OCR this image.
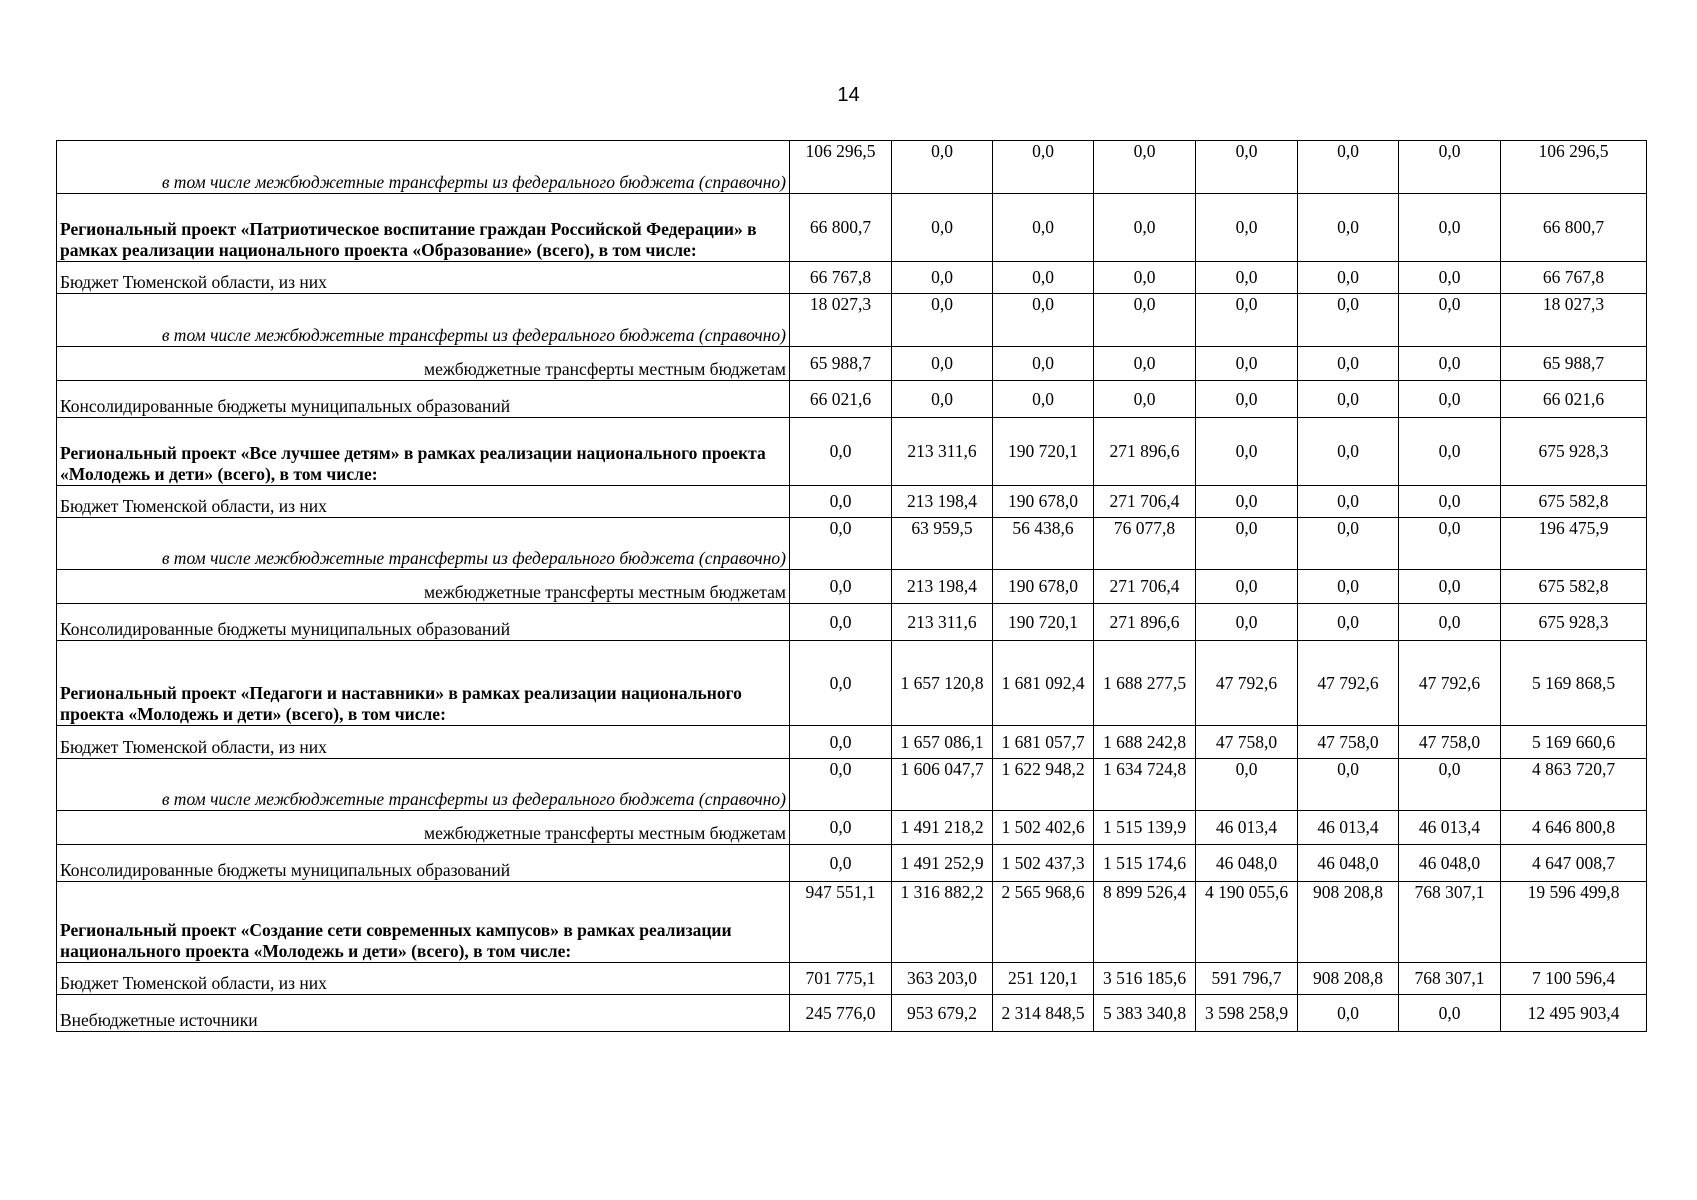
14
в том числе межбюджетные трансферты из федерального бюджета (справочно)	106 296,5	0,0	0,0	0,0	0,0	0,0	0,0	106 296,5
Региональный проект «Патриотическое воспитание граждан Российской Федерации» в рамках реализации национального проекта «Образование» (всего), в том числе:	66 800,7	0,0	0,0	0,0	0,0	0,0	0,0	66 800,7
Бюджет Тюменской области, из них	66 767,8	0,0	0,0	0,0	0,0	0,0	0,0	66 767,8
в том числе межбюджетные трансферты из федерального бюджета (справочно)	18 027,3	0,0	0,0	0,0	0,0	0,0	0,0	18 027,3
межбюджетные трансферты местным бюджетам	65 988,7	0,0	0,0	0,0	0,0	0,0	0,0	65 988,7
Консолидированные бюджеты муниципальных образований	66 021,6	0,0	0,0	0,0	0,0	0,0	0,0	66 021,6
Региональный проект «Все лучшее детям» в рамках реализации национального проекта «Молодежь и дети» (всего), в том числе:	0,0	213 311,6	190 720,1	271 896,6	0,0	0,0	0,0	675 928,3
Бюджет Тюменской области, из них	0,0	213 198,4	190 678,0	271 706,4	0,0	0,0	0,0	675 582,8
в том числе межбюджетные трансферты из федерального бюджета (справочно)	0,0	63 959,5	56 438,6	76 077,8	0,0	0,0	0,0	196 475,9
межбюджетные трансферты местным бюджетам	0,0	213 198,4	190 678,0	271 706,4	0,0	0,0	0,0	675 582,8
Консолидированные бюджеты муниципальных образований	0,0	213 311,6	190 720,1	271 896,6	0,0	0,0	0,0	675 928,3
Региональный проект «Педагоги и наставники» в рамках реализации национального проекта «Молодежь и дети» (всего), в том числе:	0,0	1 657 120,8	1 681 092,4	1 688 277,5	47 792,6	47 792,6	47 792,6	5 169 868,5
Бюджет Тюменской области, из них	0,0	1 657 086,1	1 681 057,7	1 688 242,8	47 758,0	47 758,0	47 758,0	5 169 660,6
в том числе межбюджетные трансферты из федерального бюджета (справочно)	0,0	1 606 047,7	1 622 948,2	1 634 724,8	0,0	0,0	0,0	4 863 720,7
межбюджетные трансферты местным бюджетам	0,0	1 491 218,2	1 502 402,6	1 515 139,9	46 013,4	46 013,4	46 013,4	4 646 800,8
Консолидированные бюджеты муниципальных образований	0,0	1 491 252,9	1 502 437,3	1 515 174,6	46 048,0	46 048,0	46 048,0	4 647 008,7
Региональный проект «Создание сети современных кампусов» в рамках реализации национального проекта «Молодежь и дети» (всего), в том числе:	947 551,1	1 316 882,2	2 565 968,6	8 899 526,4	4 190 055,6	908 208,8	768 307,1	19 596 499,8
Бюджет Тюменской области, из них	701 775,1	363 203,0	251 120,1	3 516 185,6	591 796,7	908 208,8	768 307,1	7 100 596,4
Внебюджетные источники	245 776,0	953 679,2	2 314 848,5	5 383 340,8	3 598 258,9	0,0	0,0	12 495 903,4
